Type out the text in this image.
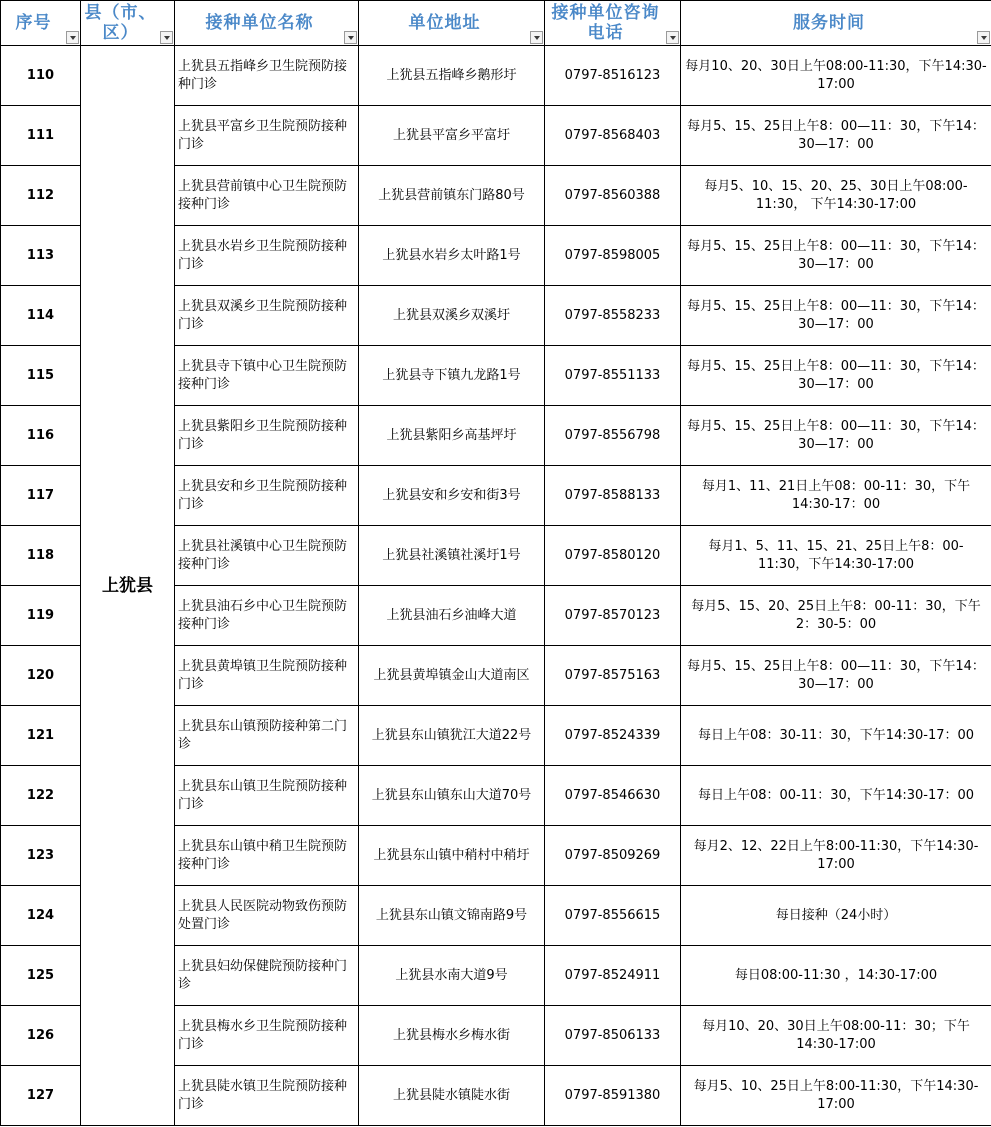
序号	县（市、区）	接种单位名称	单位地址	接种单位咨询电话	服务时间

110	上犹县	上犹县五指峰乡卫生院预防接种门诊	上犹县五指峰乡鹅形圩	0797-8516123	每月10、20、30日上午08:00-11:30，下午14:30-17:00
111		上犹县平富乡卫生院预防接种门诊	上犹县平富乡平富圩	0797-8568403	每月5、15、25日上午8：00—11：30，下午14：30—17：00
112		上犹县营前镇中心卫生院预防接种门诊	上犹县营前镇东门路80号	0797-8560388	每月5、10、15、20、25、30日上午08:00-11:30， 下午14:30-17:00
113		上犹县水岩乡卫生院预防接种门诊	上犹县水岩乡太叶路1号	0797-8598005	每月5、15、25日上午8：00—11：30，下午14：30—17：00
114		上犹县双溪乡卫生院预防接种门诊	上犹县双溪乡双溪圩	0797-8558233	每月5、15、25日上午8：00—11：30，下午14：30—17：00
115		上犹县寺下镇中心卫生院预防接种门诊	上犹县寺下镇九龙路1号	0797-8551133	每月5、15、25日上午8：00—11：30，下午14：30—17：00
116		上犹县紫阳乡卫生院预防接种门诊	上犹县紫阳乡高基坪圩	0797-8556798	每月5、15、25日上午8：00—11：30，下午14：30—17：00
117		上犹县安和乡卫生院预防接种门诊	上犹县安和乡安和街3号	0797-8588133	每月1、11、21日上午08：00-11：30，下午14:30-17：00
118		上犹县社溪镇中心卫生院预防接种门诊	上犹县社溪镇社溪圩1号	0797-8580120	每月1、5、11、15、21、25日上午8：00-11:30，下午14:30-17:00
119		上犹县油石乡中心卫生院预防接种门诊	上犹县油石乡油峰大道	0797-8570123	每月5、15、20、25日上午8：00-11：30，下午2：30-5：00
120		上犹县黄埠镇卫生院预防接种门诊	上犹县黄埠镇金山大道南区	0797-8575163	每月5、15、25日上午8：00—11：30，下午14：30—17：00
121		上犹县东山镇预防接种第二门诊	上犹县东山镇犹江大道22号	0797-8524339	每日上午08：30-11：30，下午14:30-17：00
122		上犹县东山镇卫生院预防接种门诊	上犹县东山镇东山大道70号	0797-8546630	每日上午08：00-11：30，下午14:30-17：00
123		上犹县东山镇中稍卫生院预防接种门诊	上犹县东山镇中稍村中稍圩	0797-8509269	每月2、12、22日上午8:00-11:30，下午14:30-17:00
124		上犹县人民医院动物致伤预防处置门诊	上犹县东山镇文锦南路9号	0797-8556615	每日接种（24小时）
125		上犹县妇幼保健院预防接种门诊	上犹县水南大道9号	0797-8524911	每日08:00-11:30 ，14:30-17:00
126		上犹县梅水乡卫生院预防接种门诊	上犹县梅水乡梅水街	0797-8506133	每月10、20、30日上午08:00-11：30；下午14:30-17:00
127		上犹县陡水镇卫生院预防接种门诊	上犹县陡水镇陡水街	0797-8591380	每月5、10、25日上午8:00-11:30，下午14:30-17:00
